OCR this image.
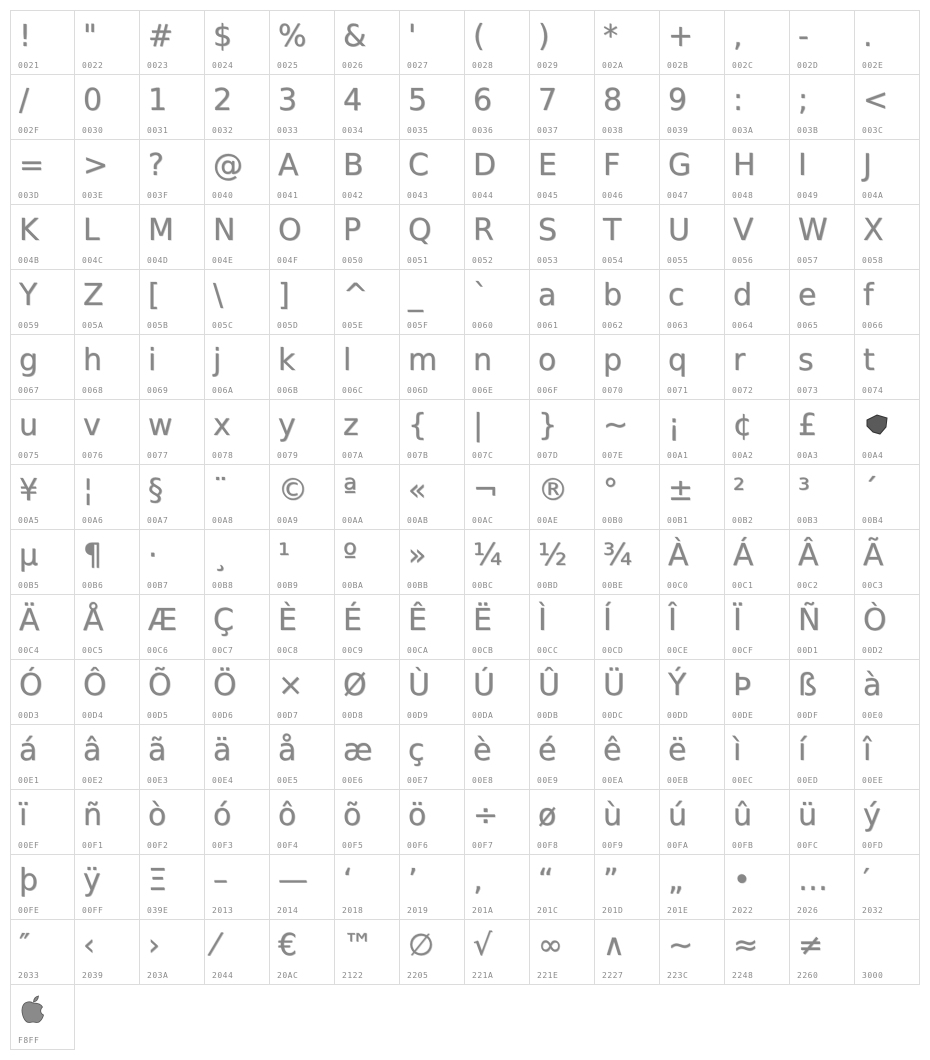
!
0021
"
0022
#
0023
$
0024
%
0025
&
0026
'
0027
(
0028
)
0029
*
002A
+
002B
,
002C
-
002D
.
002E
/
002F
0
0030
1
0031
2
0032
3
0033
4
0034
5
0035
6
0036
7
0037
8
0038
9
0039
:
003A
;
003B
<
003C
=
003D
>
003E
?
003F
@
0040
A
0041
B
0042
C
0043
D
0044
E
0045
F
0046
G
0047
H
0048
I
0049
J
004A
K
004B
L
004C
M
004D
N
004E
O
004F
P
0050
Q
0051
R
0052
S
0053
T
0054
U
0055
V
0056
W
0057
X
0058
Y
0059
Z
005A
[
005B
\
005C
]
005D
^
005E
_
005F
`
0060
a
0061
b
0062
c
0063
d
0064
e
0065
f
0066
g
0067
h
0068
i
0069
j
006A
k
006B
l
006C
m
006D
n
006E
o
006F
p
0070
q
0071
r
0072
s
0073
t
0074
u
0075
v
0076
w
0077
x
0078
y
0079
z
007A
{
007B
|
007C
}
007D
~
007E
¡
00A1
¢
00A2
£
00A3	00A4
¥
00A5
¦
00A6
§
00A7
¨
00A8
©
00A9
ª
00AA
«
00AB
¬
00AC
®
00AE
°
00B0
±
00B1
²
00B2
³
00B3
´
00B4
µ
00B5
¶
00B6
·
00B7
¸
00B8
¹
00B9
º
00BA
»
00BB
¼
00BC
½
00BD
¾
00BE
À
00C0
Á
00C1
Â
00C2
Ã
00C3
Ä
00C4
Å
00C5
Æ
00C6
Ç
00C7
È
00C8
É
00C9
Ê
00CA
Ë
00CB
Ì
00CC
Í
00CD
Î
00CE
Ï
00CF
Ñ
00D1
Ò
00D2
Ó
00D3
Ô
00D4
Õ
00D5
Ö
00D6
×
00D7
Ø
00D8
Ù
00D9
Ú
00DA
Û
00DB
Ü
00DC
Ý
00DD
Þ
00DE
ß
00DF
à
00E0
á
00E1
â
00E2
ã
00E3
ä
00E4
å
00E5
æ
00E6
ç
00E7
è
00E8
é
00E9
ê
00EA
ë
00EB
ì
00EC
í
00ED
î
00EE
ï
00EF
ñ
00F1
ò
00F2
ó
00F3
ô
00F4
õ
00F5
ö
00F6
÷
00F7
ø
00F8
ù
00F9
ú
00FA
û
00FB
ü
00FC
ý
00FD
þ
00FE
ÿ
00FF
Ξ
039E
–
2013
—
2014
‘
2018
’
2019
‚
201A
“
201C
”
201D
„
201E
•
2022
…
2026
′
2032
″
2033
‹
2039
›
203A
⁄
2044
€
20AC
™
2122
∅
2205
√
221A
∞
221E
∧
2227
∼
223C
≈
2248
≠
2260	3000
F8FF
